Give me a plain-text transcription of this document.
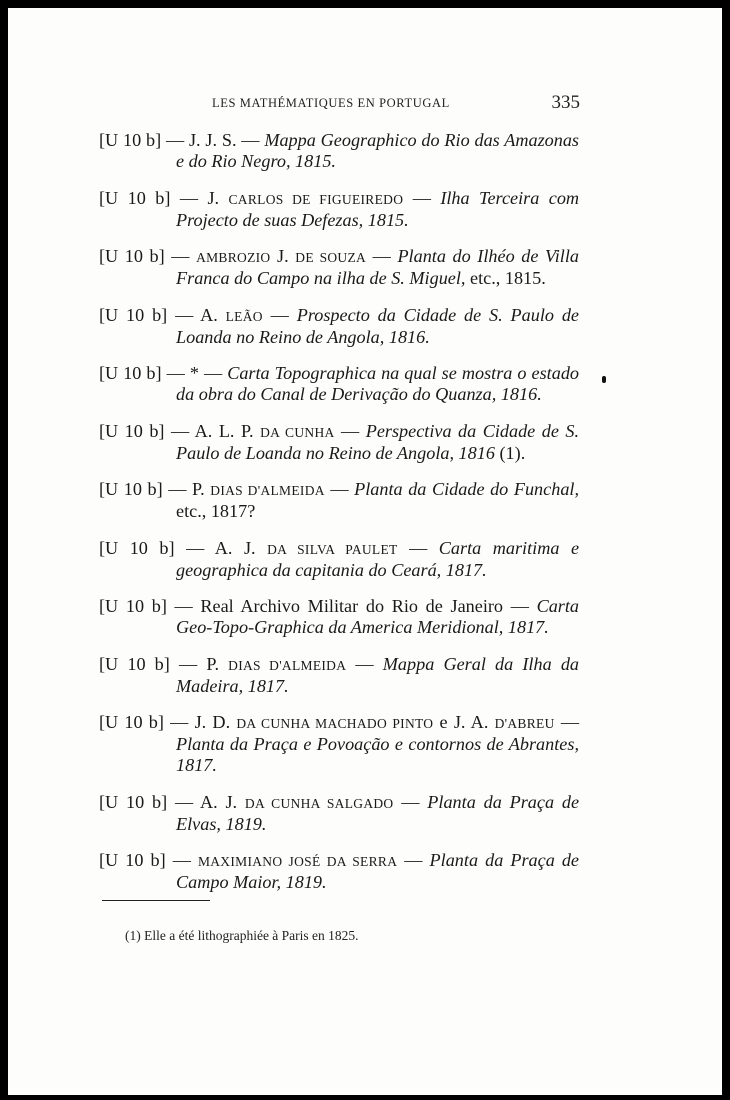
LES MATHÉMATIQUES EN PORTUGAL	335
[U 10 b] — J. J. S. — Mappa Geographico do Rio das Amazonas e do Rio Negro, 1815.
[U 10 b] — J. CARLOS DE FIGUEIREDO — Ilha Terceira com Projecto de suas Defezas, 1815.
[U 10 b] — AMBROZIO J. DE SOUZA — Planta do Ilhéo de Villa Franca do Campo na ilha de S. Miguel, etc., 1815.
[U 10 b] — A. LEÃO — Prospecto da Cidade de S. Paulo de Loanda no Reino de Angola, 1816.
[U 10 b] — * — Carta Topographica na qual se mostra o estado da obra do Canal de Derivação do Quanza, 1816.
[U 10 b] — A. L. P. DA CUNHA — Perspectiva da Cidade de S. Paulo de Loanda no Reino de Angola, 1816 (1).
[U 10 b] — P. DIAS D'ALMEIDA — Planta da Cidade do Funchal, etc., 1817?
[U 10 b] — A. J. DA SILVA PAULET — Carta maritima e geographica da capitania do Ceará, 1817.
[U 10 b] — Real Archivo Militar do Rio de Janeiro — Carta Geo-Topo-Graphica da America Meridional, 1817.
[U 10 b] — P. DIAS D'ALMEIDA — Mappa Geral da Ilha da Madeira, 1817.
[U 10 b] — J. D. DA CUNHA MACHADO PINTO e J. A. D'ABREU — Planta da Praça e Povoação e contornos de Abrantes, 1817.
[U 10 b] — A. J. DA CUNHA SALGADO — Planta da Praça de Elvas, 1819.
[U 10 b] — MAXIMIANO JOSÉ DA SERRA — Planta da Praça de Campo Maior, 1819.
(1) Elle a été lithographiée à Paris en 1825.
